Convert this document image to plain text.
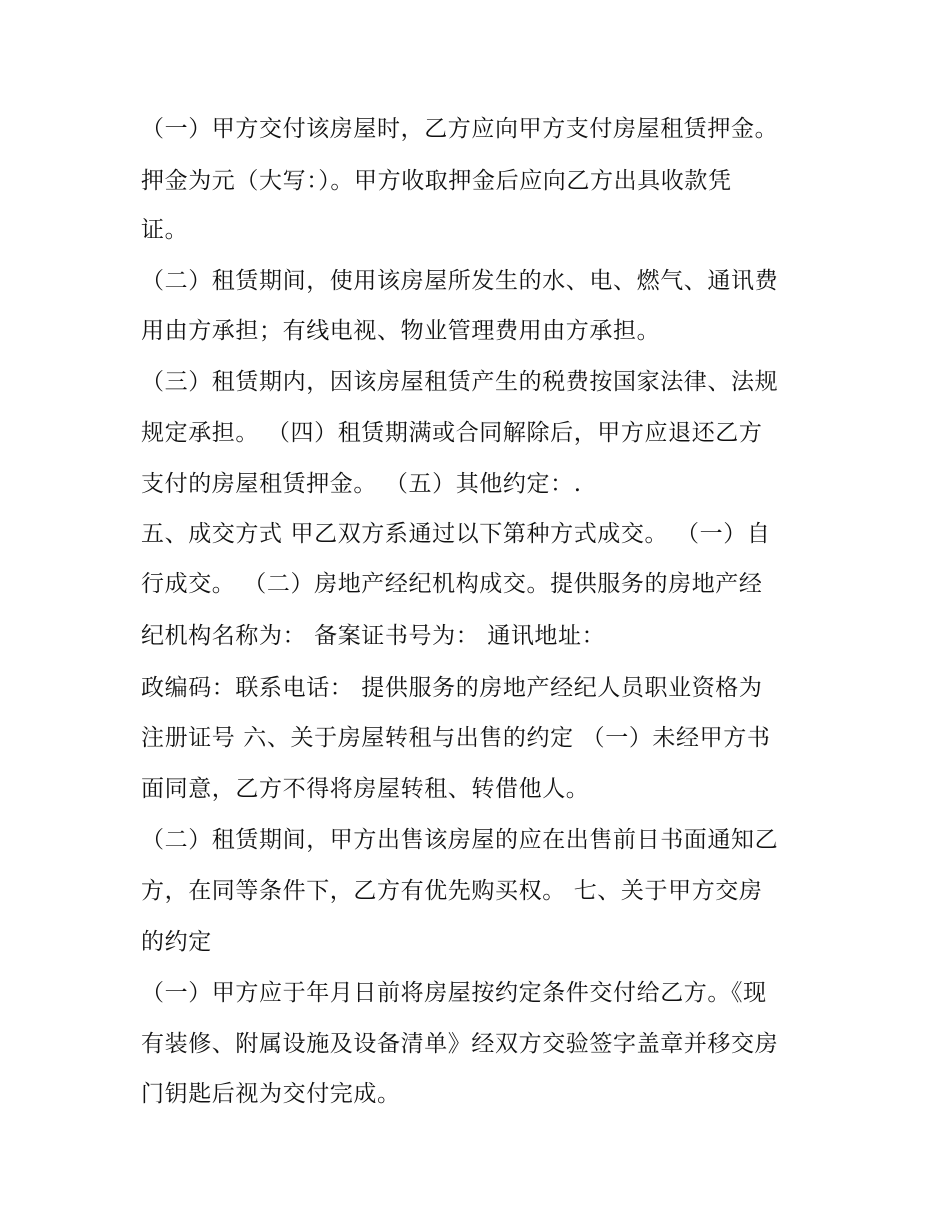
（一）甲方交付该房屋时，乙方应向甲方支付房屋租赁押金。
押金为元（大写：）。甲方收取押金后应向乙方出具收款凭
证。
（二）租赁期间，使用该房屋所发生的水、电、燃气、通讯费
用由方承担；有线电视、物业管理费用由方承担。
（三）租赁期内，因该房屋租赁产生的税费按国家法律、法规
规定承担。 （四）租赁期满或合同解除后，甲方应退还乙方
支付的房屋租赁押金。 （五）其他约定：.
五、成交方式 甲乙双方系通过以下第种方式成交。 （一）自
行成交。 （二）房地产经纪机构成交。提供服务的房地产经
纪机构名称为： 备案证书号为： 通讯地址：
政编码：联系电话： 提供服务的房地产经纪人员职业资格为
注册证号 六、关于房屋转租与出售的约定 （一）未经甲方书
面同意，乙方不得将房屋转租、转借他人。
（二）租赁期间，甲方出售该房屋的应在出售前日书面通知乙
方，在同等条件下，乙方有优先购买权。 七、关于甲方交房
的约定
（一）甲方应于年月日前将房屋按约定条件交付给乙方。《现
有装修、附属设施及设备清单》经双方交验签字盖章并移交房
门钥匙后视为交付完成。
